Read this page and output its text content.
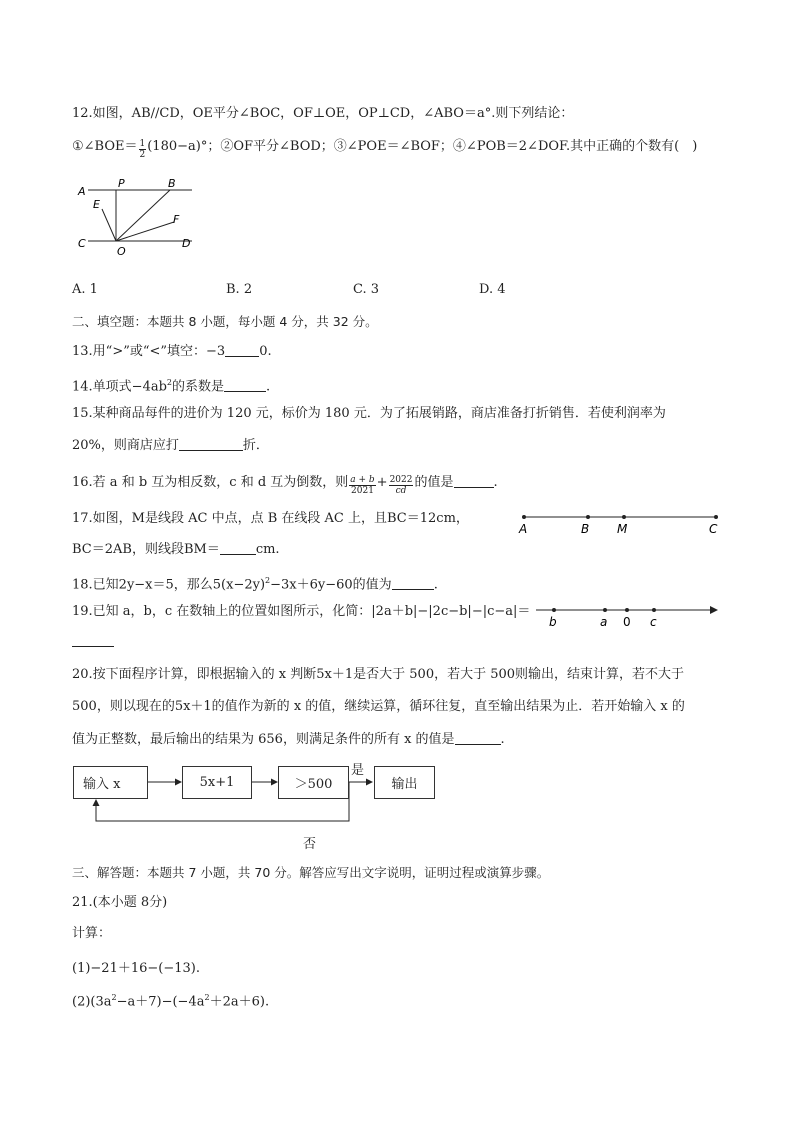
12.如图，AB//CD，OE平分∠BOC，OF⊥OE，OP⊥CD，∠ABO＝a°.则下列结论：
①∠BOE＝ $\frac{1}{2} (180-a)^\circ$；②OF平分∠BOD；③∠POE＝∠BOF；④∠POB＝2∠DOF.其中正确的个数有(　)
A
P	B
E
F
C
O
D
A. 1	B. 2	C. 3	D. 4
二、填空题：本题共 8 小题，每小题 4 分，共 32 分。
13.用“>”或“<”填空：−3	0.
14.单项式$-4ab^2$的系数是	.
15.某种商品每件的进价为 120 元，标价为 180 元．为了拓展销路，商店准备打折销售．若使利润率为
20%，则商店应打	折．
16.若 a 和 b 互为相反数，c 和 d 互为倒数，则 $\frac{a + b}{2021} + \frac{2022}{cd}$ 的值是	.
17.如图，M是线段 AC 中点，点 B 在线段 AC 上，且BC＝12cm，
BC＝2AB，则线段BM＝	cm.
A	B M	C
18.已知2y−x＝5，那么$5(x-2y)^2-3x+6y-60$的值为	.
19.已知 a，b，c 在数轴上的位置如图所示，化简：|2a＋b|−|2c−b|−|c−a|＝
b	a 0 c
20.按下面程序计算，即根据输入的 x 判断5x＋1是否大于 500，若大于 500则输出，结束计算，若不大于
500，则以现在的5x＋1的值作为新的 x 的值，继续运算，循环往复，直至输出结果为止．若开始输入 x 的
值为正整数，最后输出的结果为 656，则满足条件的所有 x 的值是	.
输入 x	5x+1	＞500	输出
是
否
三、解答题：本题共 7 小题，共 70 分。解答应写出文字说明，证明过程或演算步骤。
21.(本小题 8分)
计算：
(1)−21＋16−(−13).
$(2)(3a^2-a+7)-(-4a^2+2a+6)$.
